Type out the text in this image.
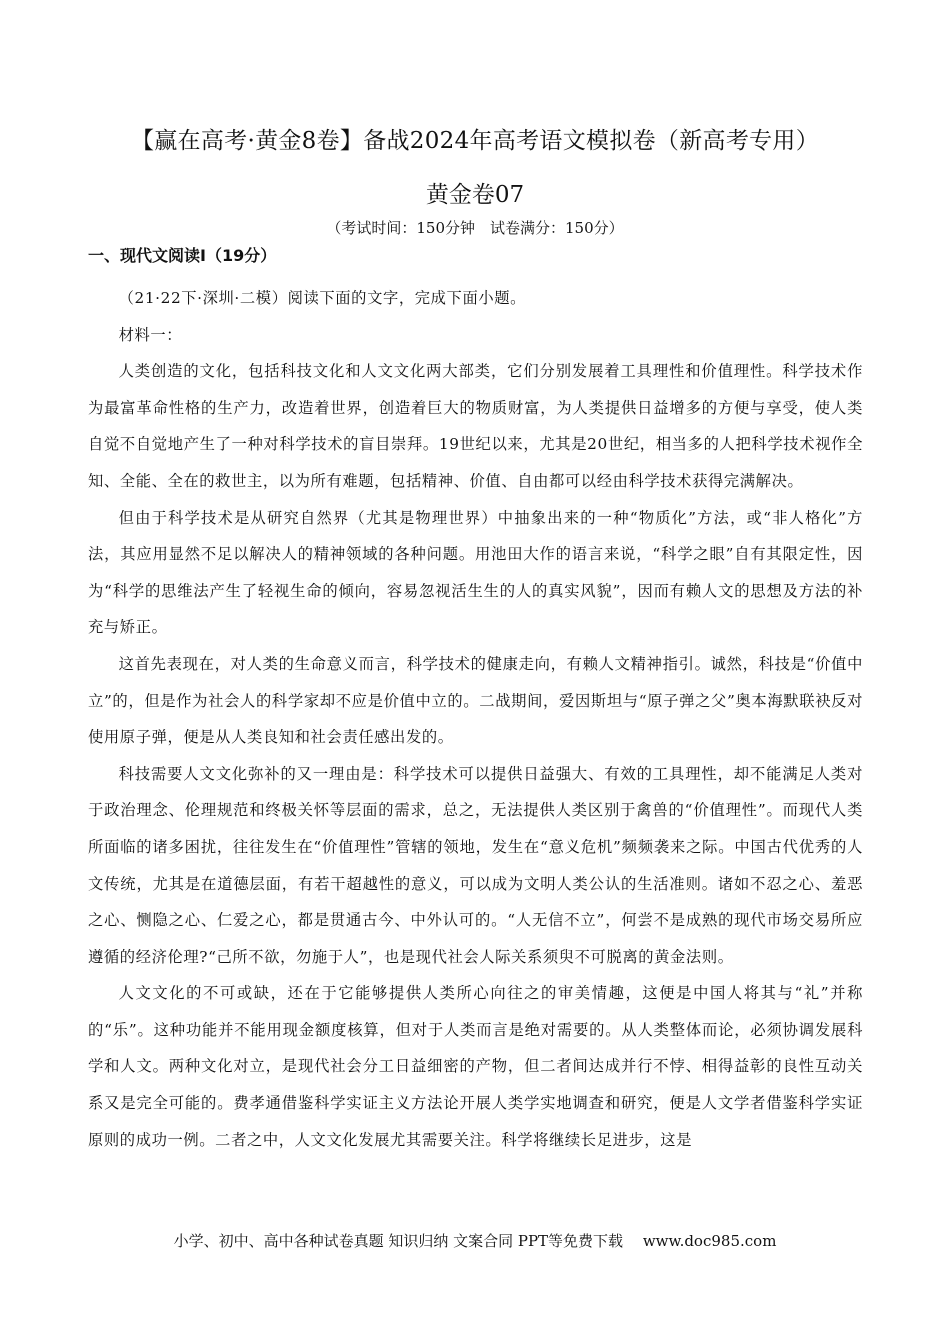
【赢在高考·黄金8卷】备战2024年高考语文模拟卷（新高考专用）
黄金卷07
（考试时间：150分钟　试卷满分：150分）
一、现代文阅读Ⅰ（19分）

（21·22下·深圳·二模）阅读下面的文字，完成下面小题。

材料一：

人类创造的文化，包括科技文化和人文文化两大部类，它们分别发展着工具理性和价值理性。科学技术作为最富革命性格的生产力，改造着世界，创造着巨大的物质财富，为人类提供日益增多的方便与享受，使人类自觉不自觉地产生了一种对科学技术的盲目崇拜。19世纪以来，尤其是20世纪，相当多的人把科学技术视作全知、全能、全在的救世主，以为所有难题，包括精神、价值、自由都可以经由科学技术获得完满解决。

但由于科学技术是从研究自然界（尤其是物理世界）中抽象出来的一种“物质化”方法，或“非人格化”方法，其应用显然不足以解决人的精神领域的各种问题。用池田大作的语言来说，“科学之眼”自有其限定性，因为“科学的思维法产生了轻视生命的倾向，容易忽视活生生的人的真实风貌”，因而有赖人文的思想及方法的补充与矫正。

这首先表现在，对人类的生命意义而言，科学技术的健康走向，有赖人文精神指引。诚然，科技是“价值中立”的，但是作为社会人的科学家却不应是价值中立的。二战期间，爱因斯坦与“原子弹之父”奥本海默联袂反对使用原子弹，便是从人类良知和社会责任感出发的。

科技需要人文文化弥补的又一理由是：科学技术可以提供日益强大、有效的工具理性，却不能满足人类对于政治理念、伦理规范和终极关怀等层面的需求，总之，无法提供人类区别于禽兽的“价值理性”。而现代人类所面临的诸多困扰，往往发生在“价值理性”管辖的领地，发生在“意义危机”频频袭来之际。中国古代优秀的人文传统，尤其是在道德层面，有若干超越性的意义，可以成为文明人类公认的生活准则。诸如不忍之心、羞恶之心、恻隐之心、仁爱之心，都是贯通古今、中外认可的。“人无信不立”，何尝不是成熟的现代市场交易所应遵循的经济伦理?“己所不欲，勿施于人”，也是现代社会人际关系须臾不可脱离的黄金法则。

人文文化的不可或缺，还在于它能够提供人类所心向往之的审美情趣，这便是中国人将其与“礼”并称的“乐”。这种功能并不能用现金额度核算，但对于人类而言是绝对需要的。从人类整体而论，必须协调发展科学和人文。两种文化对立，是现代社会分工日益细密的产物，但二者间达成并行不悖、相得益彰的良性互动关系又是完全可能的。费孝通借鉴科学实证主义方法论开展人类学实地调查和研究，便是人文学者借鉴科学实证原则的成功一例。二者之中，人文文化发展尤其需要关注。科学将继续长足进步，这是

小学、初中、高中各种试卷真题 知识归纳 文案合同 PPT等免费下载　 www.doc985.com
